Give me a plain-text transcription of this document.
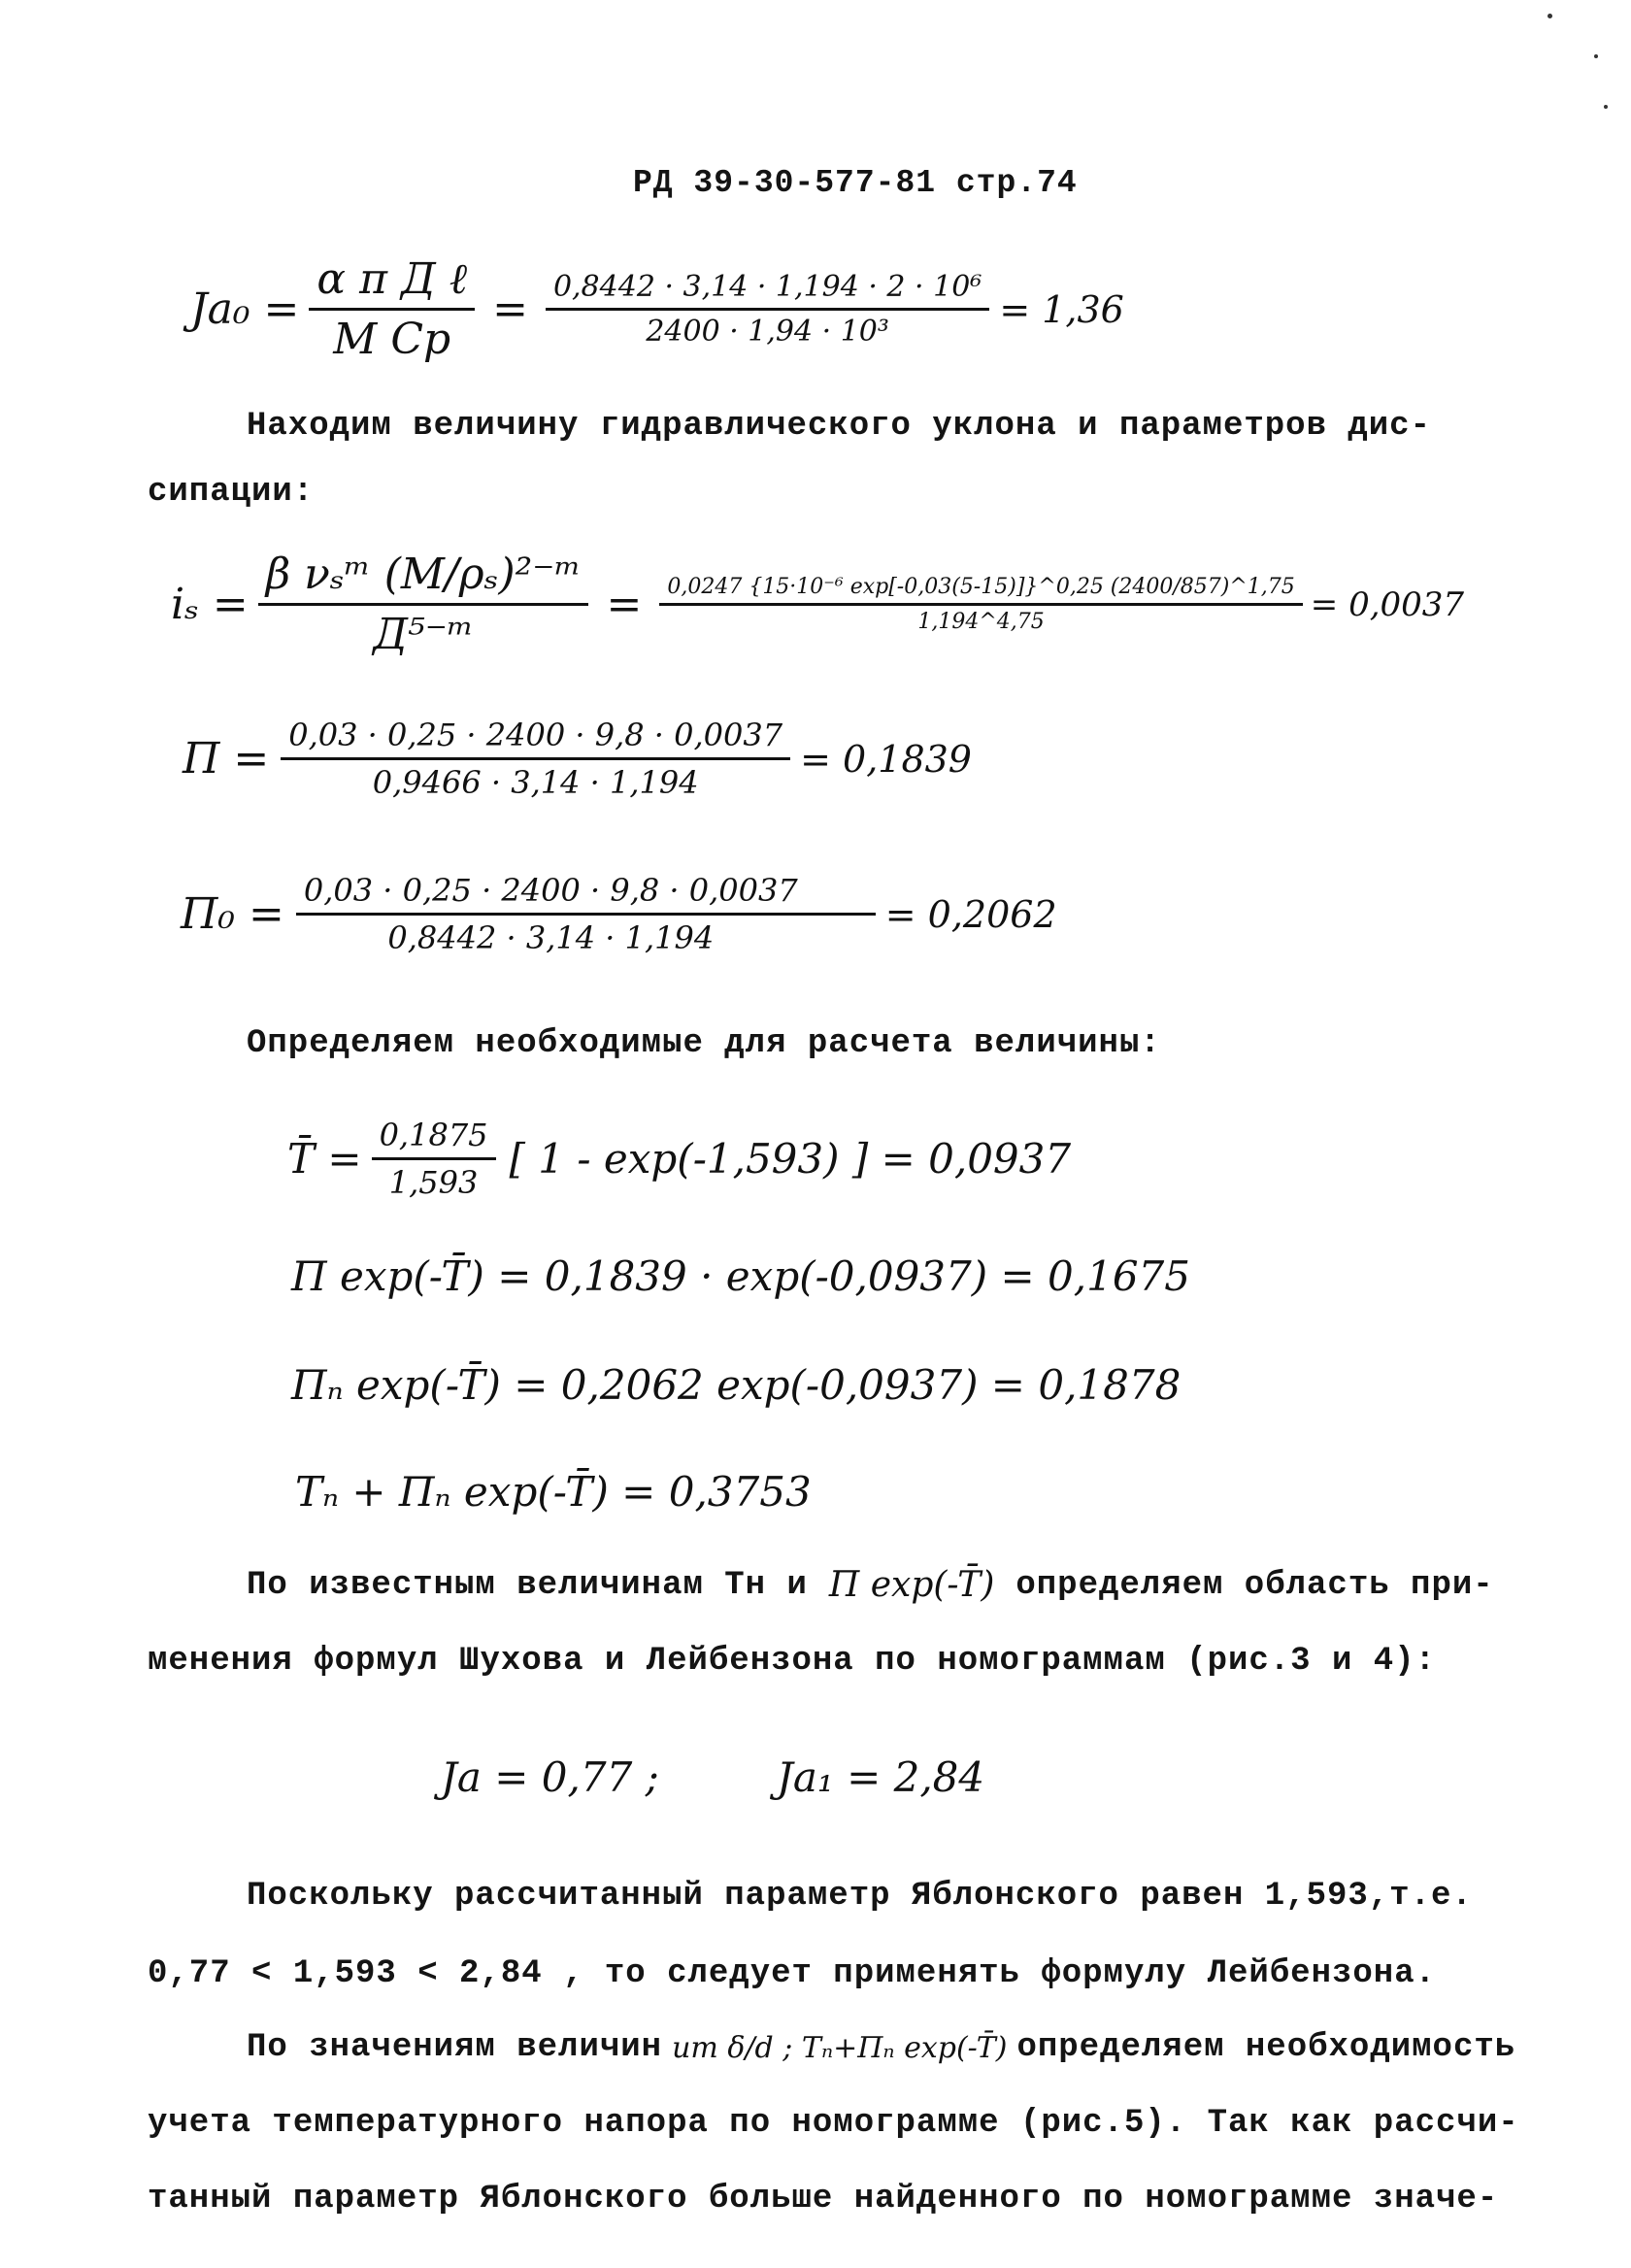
РД 39-30-577-81 стр.74
$Ja_0 = \frac{\text{α π Д ℓ}}{\text{M Cp}} = \frac{\text{0,8442 · 3,14 · 1,194 · 2 · 10⁶}}{\text{2400 · 1,94 · 10³}} = 1,36$
Находим величину гидравлического уклона и параметров дис-
сипации:
$i_s = \frac{\text{β νₛᵐ (M/ρₛ)²⁻ᵐ}}{\text{Д⁵⁻ᵐ}} = \frac{\text{0,0247 \{15·10⁻⁶ exp[-0,03(5-15)]\}\textasciicircum{}0,25 (2400/857)\textasciicircum{}1,75}}{1,194\^{}4,75} = 0,0037$
$П = \frac{0,03 \cdot 0,25 \cdot 2400 \cdot 9,8 \cdot 0,0037}{0,9466 \cdot 3,14 \cdot 1,194} = 0,1839$
$П_0 = \frac{0,03 \cdot 0,25 \cdot 2400 \cdot 9,8 \cdot 0,0037}{0,8442 \cdot 3,14 \cdot 1,194} = 0,2062$
Определяем необходимые для расчета величины:
T̄ = $\frac{0,1875}{1,593}$ [ 1 - exp(-1,593) ] = 0,0937
П exp(-T̄) = 0,1839 · exp(-0,0937) = 0,1675
Пₙ exp(-T̄) = 0,2062 exp(-0,0937) = 0,1878
Tₙ + Пₙ exp(-T̄) = 0,3753
По известным величинам Тн и П exp(-T̄) определяем область при-
менения формул Шухова и Лейбензона по номограммам (рис.3 и 4):
Ja = 0,77 ;	Ja₁ = 2,84
Поскольку рассчитанный параметр Яблонского равен 1,593,т.е.
0,77 < 1,593 < 2,84 , то следует применять формулу Лейбензона.
По значениям величин um δ/d ; Tₙ+Пₙ exp(-T̄) определяем необходимость
учета температурного напора по номограмме (рис.5). Так как рассчи-
танный параметр Яблонского больше найденного по номограмме значе-
